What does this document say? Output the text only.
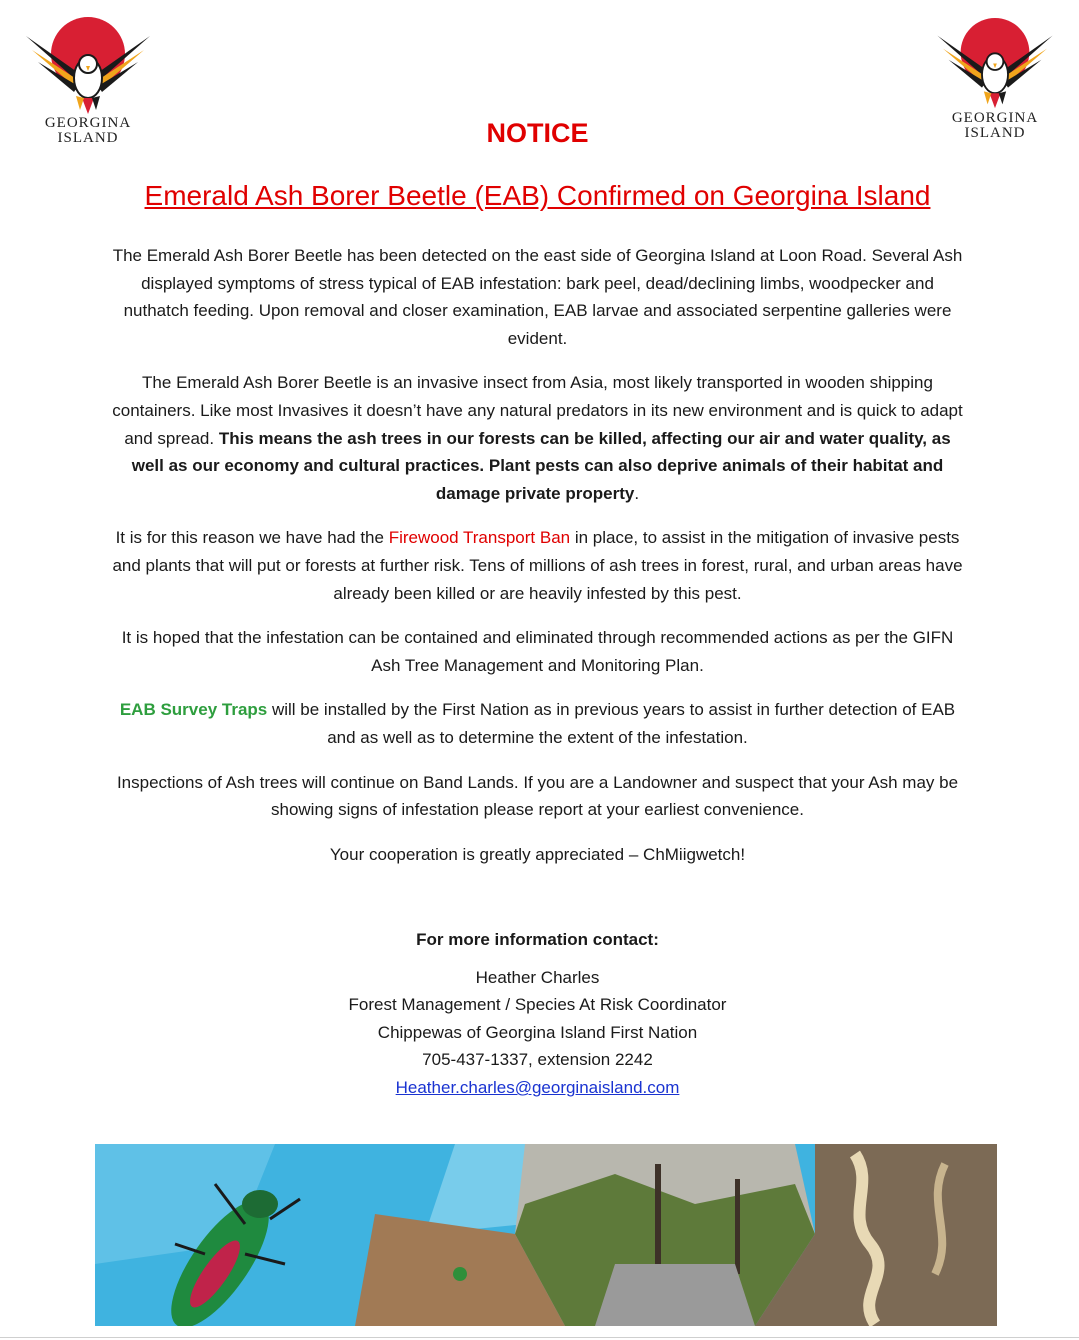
GEORGINA
ISLAND
GEORGINA
ISLAND
NOTICE
Emerald Ash Borer Beetle (EAB) Confirmed on Georgina Island

The Emerald Ash Borer Beetle has been detected on the east side of Georgina Island at Loon Road. Several Ash displayed symptoms of stress typical of EAB infestation: bark peel, dead/declining limbs, woodpecker and nuthatch feeding. Upon removal and closer examination, EAB larvae and associated serpentine galleries were evident.

The Emerald Ash Borer Beetle is an invasive insect from Asia, most likely transported in wooden shipping containers. Like most Invasives it doesn’t have any natural predators in its new environment and is quick to adapt and spread. This means the ash trees in our forests can be killed, affecting our air and water quality, as well as our economy and cultural practices. Plant pests can also deprive animals of their habitat and damage private property.

It is for this reason we have had the Firewood Transport Ban in place, to assist in the mitigation of invasive pests and plants that will put or forests at further risk. Tens of millions of ash trees in forest, rural, and urban areas have already been killed or are heavily infested by this pest.

It is hoped that the infestation can be contained and eliminated through recommended actions as per the GIFN Ash Tree Management and Monitoring Plan.

EAB Survey Traps will be installed by the First Nation as in previous years to assist in further detection of EAB and as well as to determine the extent of the infestation.

Inspections of Ash trees will continue on Band Lands. If you are a Landowner and suspect that your Ash may be showing signs of infestation please report at your earliest convenience.

Your cooperation is greatly appreciated – ChMiigwetch!

For more information contact:
Heather Charles
Forest Management / Species At Risk Coordinator
Chippewas of Georgina Island First Nation
705-437-1337, extension 2242
Heather.charles@georginaisland.com
